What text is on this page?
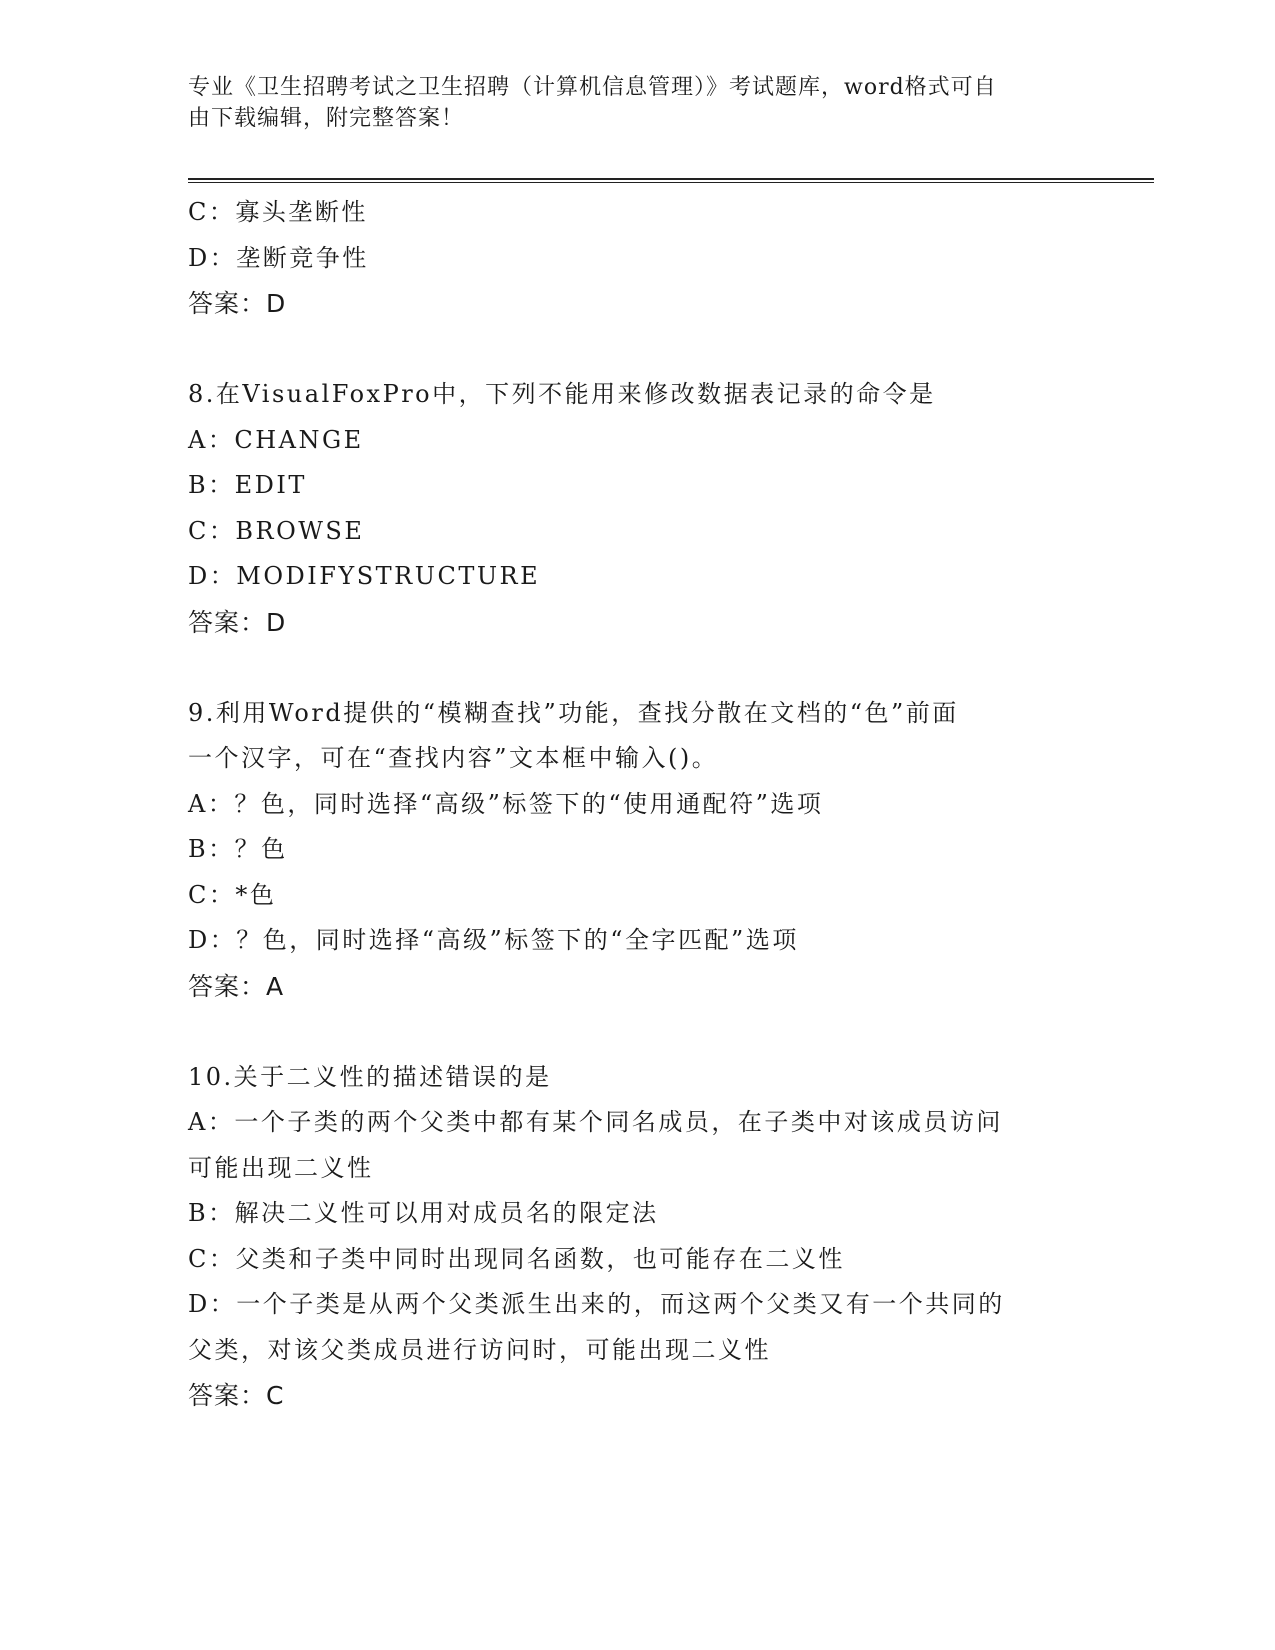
专业《卫生招聘考试之卫生招聘（计算机信息管理）》考试题库，word格式可自
由下载编辑，附完整答案！
C：寡头垄断性
D：垄断竞争性
答案：D
8.在VisualFoxPro中，下列不能用来修改数据表记录的命令是
A：CHANGE
B：EDIT
C：BROWSE
D：MODIFYSTRUCTURE
答案：D
9.利用Word提供的“模糊查找”功能，查找分散在文档的“色”前面
一个汉字，可在“查找内容”文本框中输入()。
A：？色，同时选择“高级”标签下的“使用通配符”选项
B：？色
C：*色
D：？色，同时选择“高级”标签下的“全字匹配”选项
答案：A
10.关于二义性的描述错误的是
A：一个子类的两个父类中都有某个同名成员，在子类中对该成员访问
可能出现二义性
B：解决二义性可以用对成员名的限定法
C：父类和子类中同时出现同名函数，也可能存在二义性
D：一个子类是从两个父类派生出来的，而这两个父类又有一个共同的
父类，对该父类成员进行访问时，可能出现二义性
答案：C
